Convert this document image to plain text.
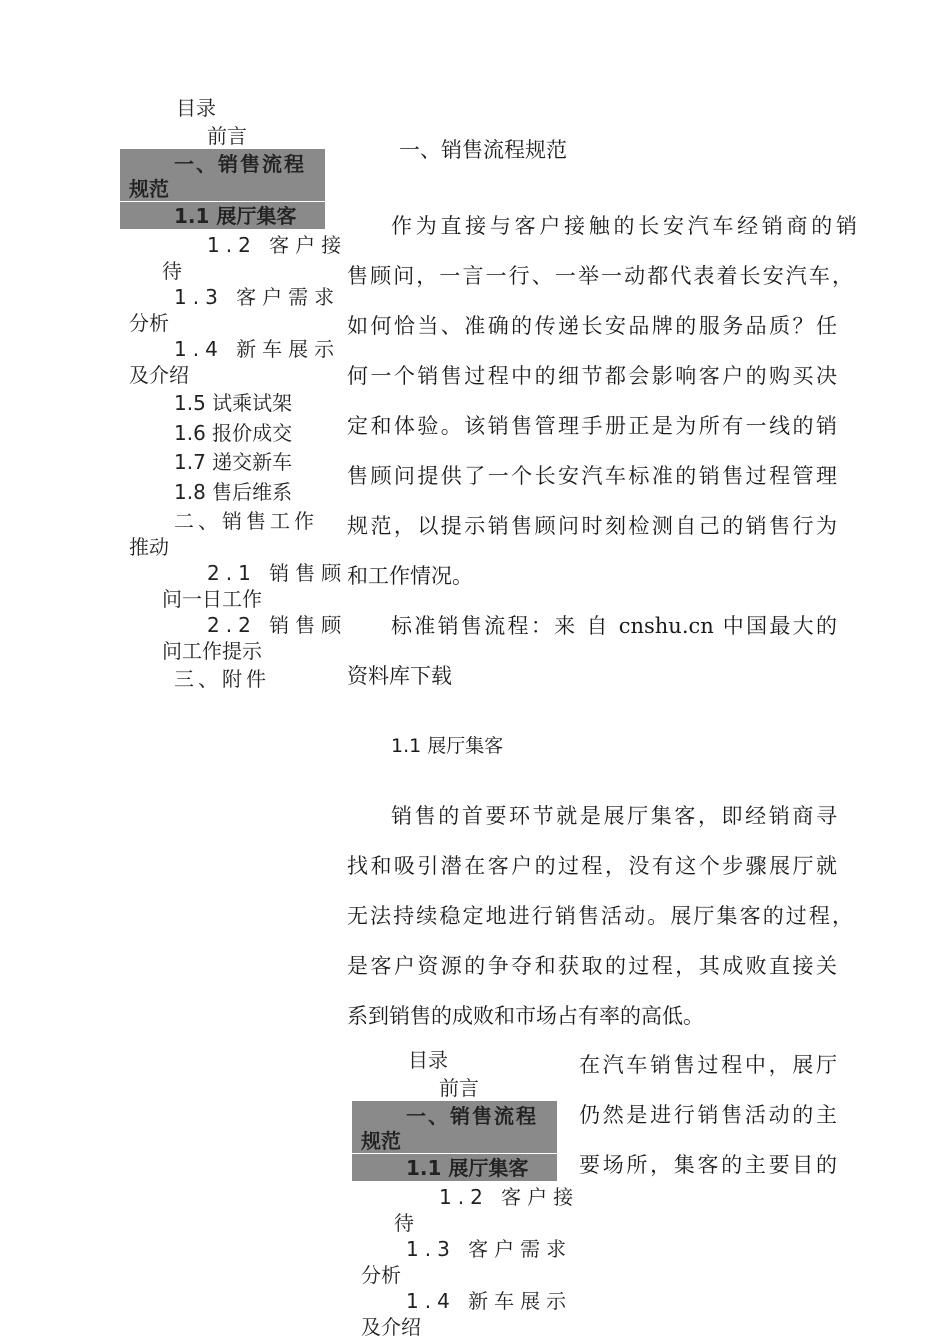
目录
前言
一、销售流程
规范
1.1 展厅集客
1.2 客户接
待
1.3 客户需求
分析
1.4 新车展示
及介绍
1.5 试乘试架
1.6 报价成交
1.7 递交新车
1.8 售后维系
二、销售工作
推动
2.1 销售顾
问一日工作
2.2 销售顾
问工作提示
三、附件
一、销售流程规范
作为直接与客户接触的长安汽车经销商的销
售顾问，一言一行、一举一动都代表着长安汽车，
如何恰当、准确的传递长安品牌的服务品质？任
何一个销售过程中的细节都会影响客户的购买决
定和体验。该销售管理手册正是为所有一线的销
售顾问提供了一个长安汽车标准的销售过程管理
规范，以提示销售顾问时刻检测自己的销售行为
和工作情况。
标准销售流程：来 自 cnshu.cn 中国最大的
资料库下载
1.1 展厅集客
销售的首要环节就是展厅集客，即经销商寻
找和吸引潜在客户的过程，没有这个步骤展厅就
无法持续稳定地进行销售活动。展厅集客的过程，
是客户资源的争夺和获取的过程，其成败直接关
系到销售的成败和市场占有率的高低。
在汽车销售过程中，展厅
仍然是进行销售活动的主
要场所，集客的主要目的
目录
前言
一、销售流程
规范
1.1 展厅集客
1.2 客户接
待
1.3 客户需求
分析
1.4 新车展示
及介绍
